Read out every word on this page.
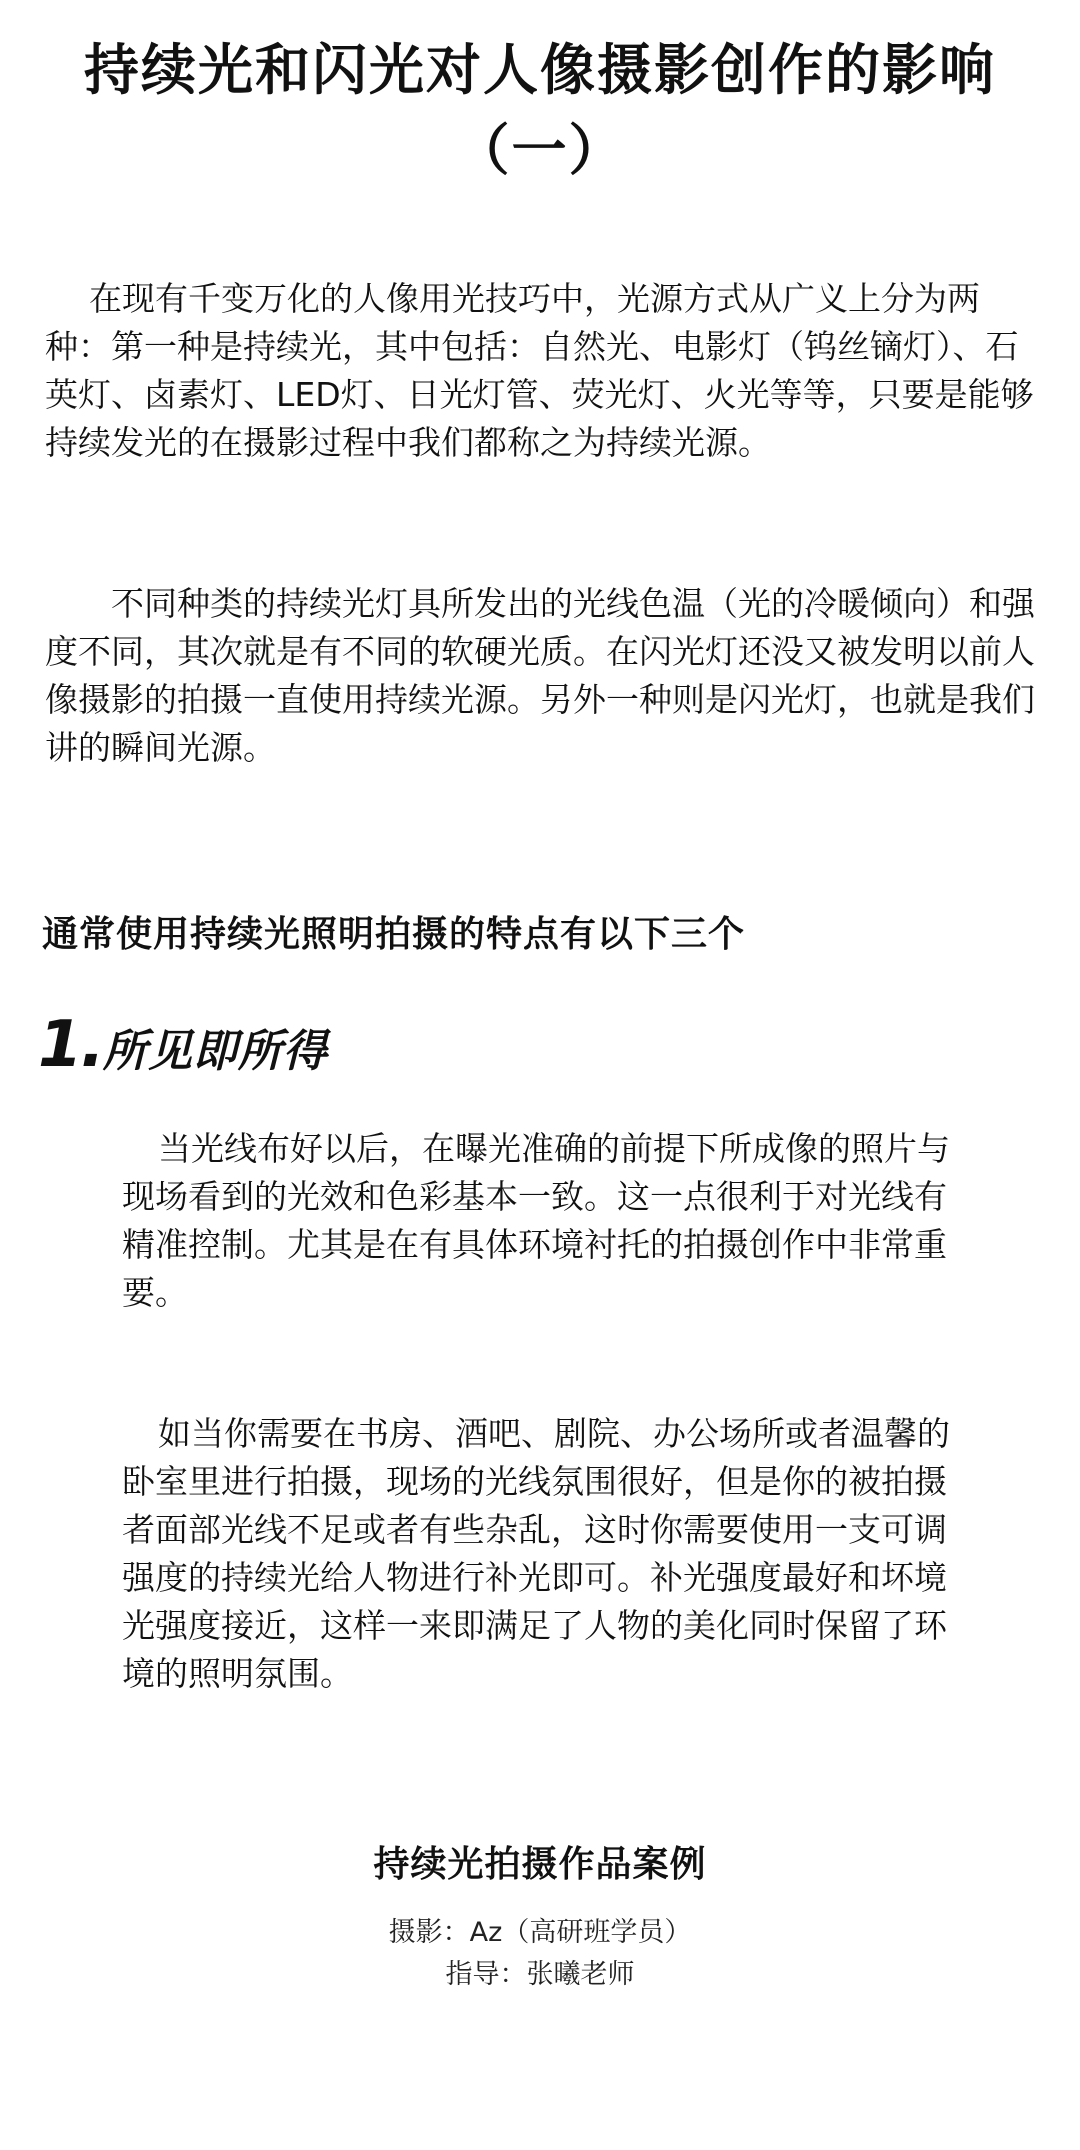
持续光和闪光对人像摄影创作的影响（一）

在现有千变万化的人像用光技巧中，光源方式从广义上分为两种：第一种是持续光，其中包括：自然光、电影灯（钨丝镝灯）、石英灯、卤素灯、LED灯、日光灯管、荧光灯、火光等等，只要是能够持续发光的在摄影过程中我们都称之为持续光源。

不同种类的持续光灯具所发出的光线色温（光的冷暖倾向）和强度不同，其次就是有不同的软硬光质。在闪光灯还没又被发明以前人像摄影的拍摄一直使用持续光源。另外一种则是闪光灯，也就是我们讲的瞬间光源。

通常使用持续光照明拍摄的特点有以下三个
1.所见即所得

当光线布好以后，在曝光准确的前提下所成像的照片与现场看到的光效和色彩基本一致。这一点很利于对光线有精准控制。尤其是在有具体环境衬托的拍摄创作中非常重要。

如当你需要在书房、酒吧、剧院、办公场所或者温馨的卧室里进行拍摄，现场的光线氛围很好，但是你的被拍摄者面部光线不足或者有些杂乱，这时你需要使用一支可调强度的持续光给人物进行补光即可。补光强度最好和坏境光强度接近，这样一来即满足了人物的美化同时保留了环境的照明氛围。

持续光拍摄作品案例

摄影：Az（高研班学员）

指导：张曦老师
